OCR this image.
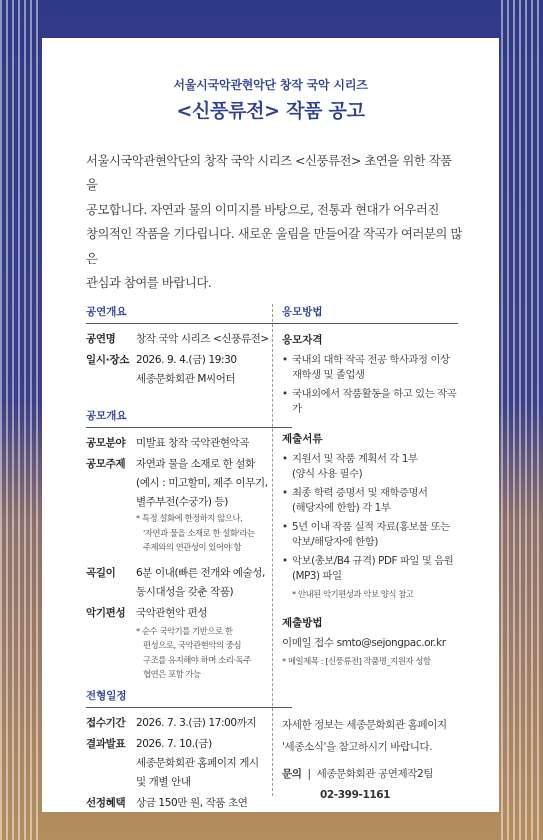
서울시국악관현악단 창작 국악 시리즈
<신풍류전> 작품 공고
서울시국악관현악단의 창작 국악 시리즈 <신풍류전> 초연을 위한 작품을
공모합니다. 자연과 물의 이미지를 바탕으로, 전통과 현대가 어우러진
창의적인 작품을 기다립니다. 새로운 울림을 만들어갈 작곡가 여러분의 많은
관심과 참여를 바랍니다.
공연개요
공연명	창작 국악 시리즈 <신풍류전>
일시·장소 2026. 9. 4.(금) 19:30
세종문화회관 M씨어터
공모개요
공모분야	미발표 창작 국악관현악곡
공모주제	자연과 물을 소재로 한 설화
(예시 : 미고할미, 제주 이무기,
별주부전(수궁가) 등)
* 특정 설화에 한정하지 않으나,
'자연과 물을 소재로 한 설화'라는
주제와의 연관성이 있어야 함
곡길이	6분 이내(빠른 전개와 예술성,
동시대성을 갖춘 작품)
악기편성	국악관현악 편성
* 순수 국악기를 기반으로 한
편성으로, 국악관현악의 중심
구조를 유지해야 하며 소리·독주
협연은 포함 가능
전형일정
접수기간	2026. 7. 3.(금) 17:00까지
결과발표	2026. 7. 10.(금)
세종문화회관 홈페이지 게시
및 개별 안내
선정혜택	상금 150만 원, 작품 초연
응모방법
응모자격
• 국내외 대학 작곡 전공 학사과정 이상
재학생 및 졸업생
• 국내외에서 작품활동을 하고 있는 작곡가
제출서류
• 지원서 및 작품 계획서 각 1부
(양식 사용 필수)
• 최종 학력 증명서 및 재학증명서
(해당자에 한함) 각 1부
• 5년 이내 작품 실적 자료(홍보물 또는
악보/해당자에 한함)
• 악보(총보/B4 규격) PDF 파일 및 음원
(MP3) 파일
* 안내된 악기편성과 악보 양식 참고
제출방법
이메일 접수 smto@sejongpac.or.kr
* 메일제목 : [신풍류전] 작품명_지원자 성함
자세한 정보는 세종문화회관 홈페이지
'세종소식'을 참고하시기 바랍니다.
문의 | 세종문화회관 공연제작2팀
02-399-1161
